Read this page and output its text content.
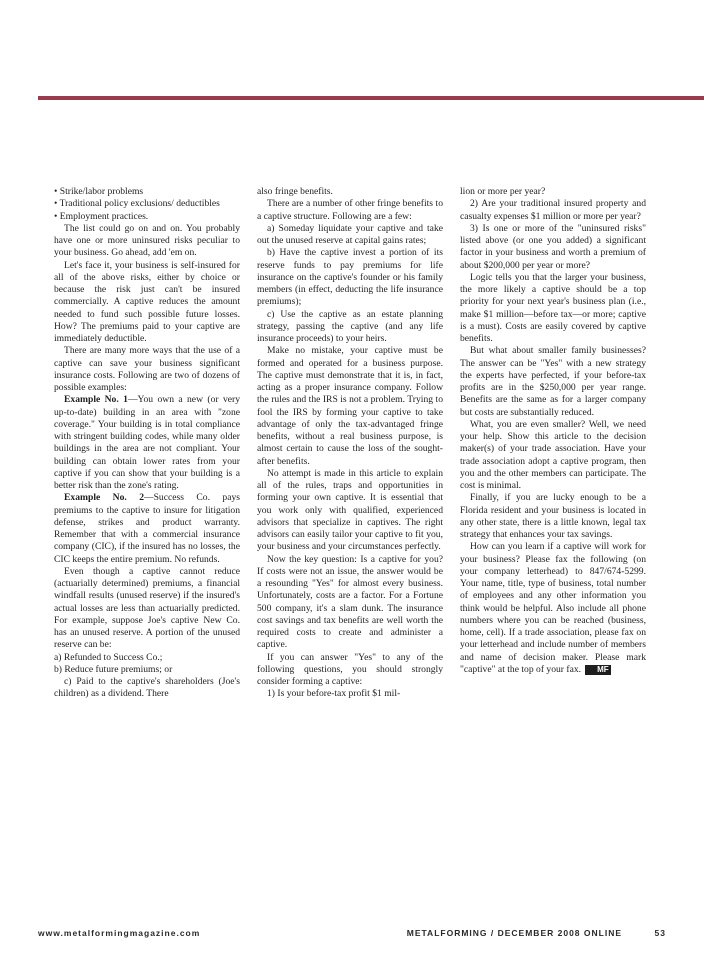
• Strike/labor problems

• Traditional policy exclusions/ deductibles

• Employment practices.

The list could go on and on. You probably have one or more uninsured risks peculiar to your business. Go ahead, add 'em on.

Let's face it, your business is self-insured for all of the above risks, either by choice or because the risk just can't be insured commercially. A captive reduces the amount needed to fund such possible future losses. How? The premiums paid to your captive are immediately deductible.

There are many more ways that the use of a captive can save your business significant insurance costs. Following are two of dozens of possible examples:

Example No. 1—You own a new (or very up-to-date) building in an area with "zone coverage." Your building is in total compliance with stringent building codes, while many older buildings in the area are not compliant. Your building can obtain lower rates from your captive if you can show that your building is a better risk than the zone's rating.

Example No. 2—Success Co. pays premiums to the captive to insure for litigation defense, strikes and product warranty. Remember that with a commercial insurance company (CIC), if the insured has no losses, the CIC keeps the entire premium. No refunds.

Even though a captive cannot reduce (actuarially determined) premiums, a financial windfall results (unused reserve) if the insured's actual losses are less than actuarially predicted. For example, suppose Joe's captive New Co. has an unused reserve. A portion of the unused reserve can be:

a) Refunded to Success Co.;

b) Reduce future premiums; or

c) Paid to the captive's shareholders (Joe's children) as a dividend. There

also fringe benefits.

There are a number of other fringe benefits to a captive structure. Following are a few:

a) Someday liquidate your captive and take out the unused reserve at capital gains rates;

b) Have the captive invest a portion of its reserve funds to pay premiums for life insurance on the captive's founder or his family members (in effect, deducting the life insurance premiums);

c) Use the captive as an estate planning strategy, passing the captive (and any life insurance proceeds) to your heirs.

Make no mistake, your captive must be formed and operated for a business purpose. The captive must demonstrate that it is, in fact, acting as a proper insurance company. Follow the rules and the IRS is not a problem. Trying to fool the IRS by forming your captive to take advantage of only the tax-advantaged fringe benefits, without a real business purpose, is almost certain to cause the loss of the sought-after benefits.

No attempt is made in this article to explain all of the rules, traps and opportunities in forming your own captive. It is essential that you work only with qualified, experienced advisors that specialize in captives. The right advisors can easily tailor your captive to fit you, your business and your circumstances perfectly.

Now the key question: Is a captive for you? If costs were not an issue, the answer would be a resounding "Yes" for almost every business. Unfortunately, costs are a factor. For a Fortune 500 company, it's a slam dunk. The insurance cost savings and tax benefits are well worth the required costs to create and administer a captive.

If you can answer "Yes" to any of the following questions, you should strongly consider forming a captive:

1) Is your before-tax profit $1 mil-

lion or more per year?

2) Are your traditional insured property and casualty expenses $1 million or more per year?

3) Is one or more of the "uninsured risks" listed above (or one you added) a significant factor in your business and worth a premium of about $200,000 per year or more?

Logic tells you that the larger your business, the more likely a captive should be a top priority for your next year's business plan (i.e., make $1 million—before tax—or more; captive is a must). Costs are easily covered by captive benefits.

But what about smaller family businesses? The answer can be "Yes" with a new strategy the experts have perfected, if your before-tax profits are in the $250,000 per year range. Benefits are the same as for a larger company but costs are substantially reduced.

What, you are even smaller? Well, we need your help. Show this article to the decision maker(s) of your trade association. Have your trade association adopt a captive program, then you and the other members can participate. The cost is minimal.

Finally, if you are lucky enough to be a Florida resident and your business is located in any other state, there is a little known, legal tax strategy that enhances your tax savings.

How can you learn if a captive will work for your business? Please fax the following (on your company letterhead) to 847/674-5299. Your name, title, type of business, total number of employees and any other information you think would be helpful. Also include all phone numbers where you can be reached (business, home, cell). If a trade association, please fax on your letterhead and include number of members and name of decision maker. Please mark "captive" at the top of your fax. MF

www.metalformingmagazine.com	METALFORMING / DECEMBER 2008 ONLINE	53
